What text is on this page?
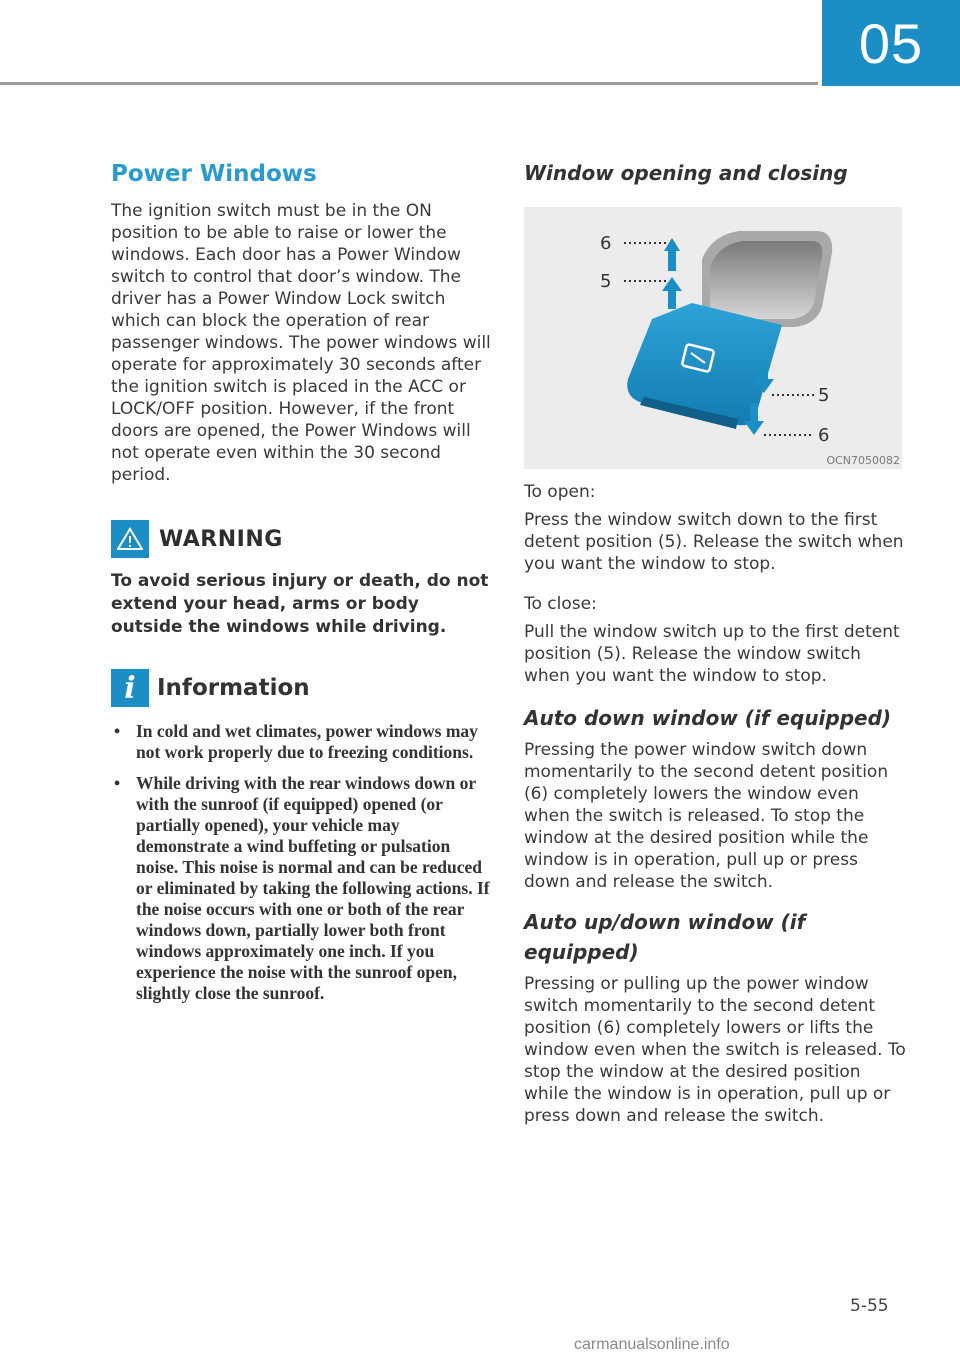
05
Power Windows

The ignition switch must be in the ON position to be able to raise or lower the windows. Each door has a Power Window switch to control that door’s window. The driver has a Power Window Lock switch which can block the operation of rear passenger windows. The power windows will operate for approximately 30 seconds after the ignition switch is placed in the ACC or LOCK/OFF position. However, if the front doors are opened, the Power Windows will not operate even within the 30 second period.

WARNING

To avoid serious injury or death, do not extend your head, arms or body outside the windows while driving.

i Information
• In cold and wet climates, power windows may not work properly due to freezing conditions.
• While driving with the rear windows down or with the sunroof (if equipped) opened (or partially opened), your vehicle may demonstrate a wind buffeting or pulsation noise. This noise is normal and can be reduced or eliminated by taking the following actions. If the noise occurs with one or both of the rear windows down, partially lower both front windows approximately one inch. If you experience the noise with the sunroof open, slightly close the sunroof.
Window opening and closing
6
5
5
6
OCN7050082

To open:

Press the window switch down to the first detent position (5). Release the switch when you want the window to stop.

To close:

Pull the window switch up to the first detent position (5). Release the window switch when you want the window to stop.

Auto down window (if equipped)

Pressing the power window switch down momentarily to the second detent position (6) completely lowers the window even when the switch is released. To stop the window at the desired position while the window is in operation, pull up or press down and release the switch.

Auto up/down window (if equipped)

Pressing or pulling up the power window switch momentarily to the second detent position (6) completely lowers or lifts the window even when the switch is released. To stop the window at the desired position while the window is in operation, pull up or press down and release the switch.

5-55
carmanualsonline.info
